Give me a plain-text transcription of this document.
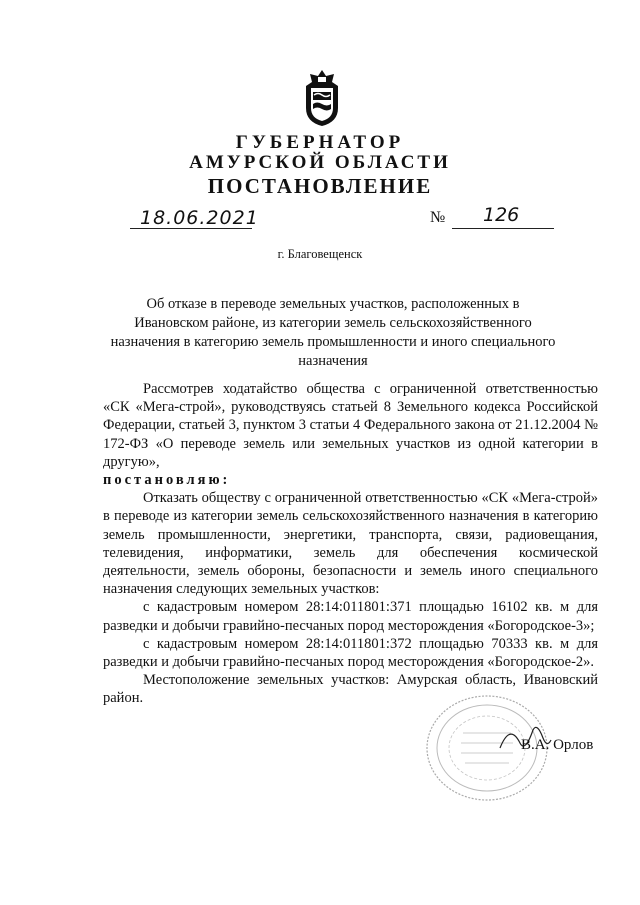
ГУБЕРНАТОР
АМУРСКОЙ ОБЛАСТИ
ПОСТАНОВЛЕНИЕ
18.06.2021	№ 126
г. Благовещенск
Об отказе в переводе земельных участков, расположенных в Ивановском районе, из категории земель сельскохозяйственного назначения в категорию земель промышленности и иного специального назначения

Рассмотрев ходатайство общества с ограниченной ответственностью «СК «Мега-строй», руководствуясь статьей 8 Земельного кодекса Российской Федерации, статьей 3, пунктом 3 статьи 4 Федерального закона от 21.12.2004 № 172-ФЗ «О переводе земель или земельных участков из одной категории в другую»,

постановляю:

Отказать обществу с ограниченной ответственностью «СК «Мега-строй» в переводе из категории земель сельскохозяйственного назначения в категорию земель промышленности, энергетики, транспорта, связи, радиовещания, телевидения, информатики, земель для обеспечения космической деятельности, земель обороны, безопасности и земель иного специального назначения следующих земельных участков:

с кадастровым номером 28:14:011801:371 площадью 16102 кв. м для разведки и добычи гравийно-песчаных пород месторождения «Богородское-3»;

с кадастровым номером 28:14:011801:372 площадью 70333 кв. м для разведки и добычи гравийно-песчаных пород месторождения «Богородское-2».

Местоположение земельных участков: Амурская область, Ивановский район.

В.А. Орлов
